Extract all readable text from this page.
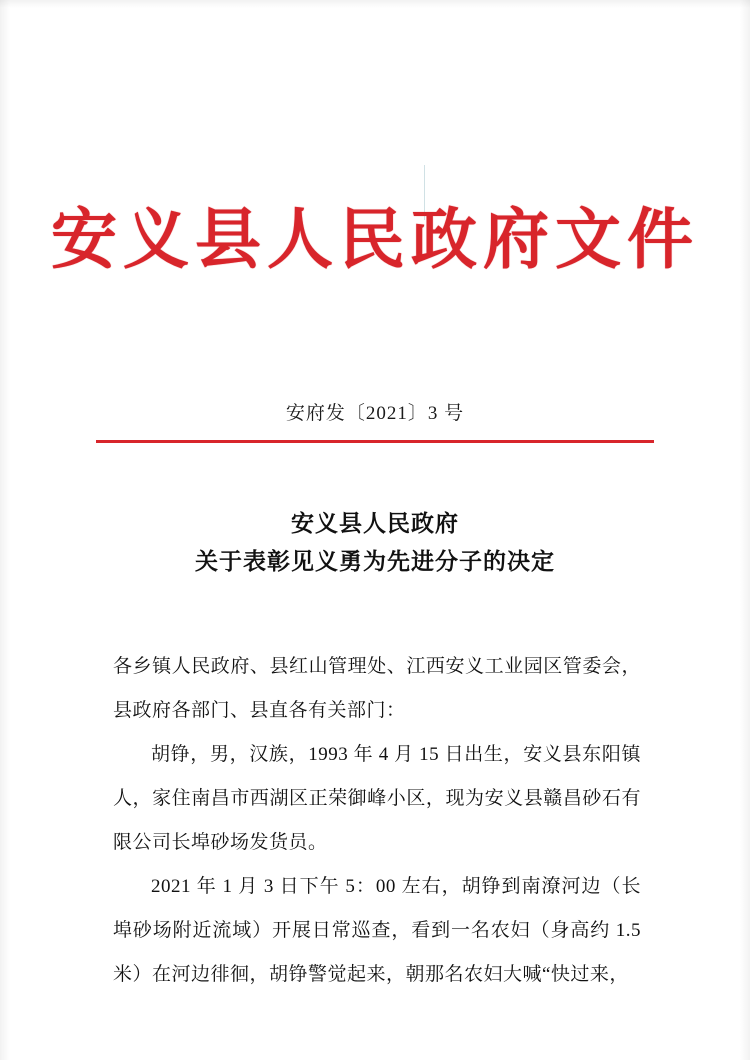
安义县人民政府文件
安府发〔2021〕3 号
安义县人民政府
关于表彰见义勇为先进分子的决定

各乡镇人民政府、县红山管理处、江西安义工业园区管委会，县政府各部门、县直各有关部门：

胡铮，男，汉族，1993 年 4 月 15 日出生，安义县东阳镇人，家住南昌市西湖区正荣御峰小区，现为安义县赣昌砂石有限公司长埠砂场发货员。

2021 年 1 月 3 日下午 5：00 左右，胡铮到南潦河边（长埠砂场附近流域）开展日常巡查，看到一名农妇（身高约 1.5 米）在河边徘徊，胡铮警觉起来，朝那名农妇大喊“快过来，
